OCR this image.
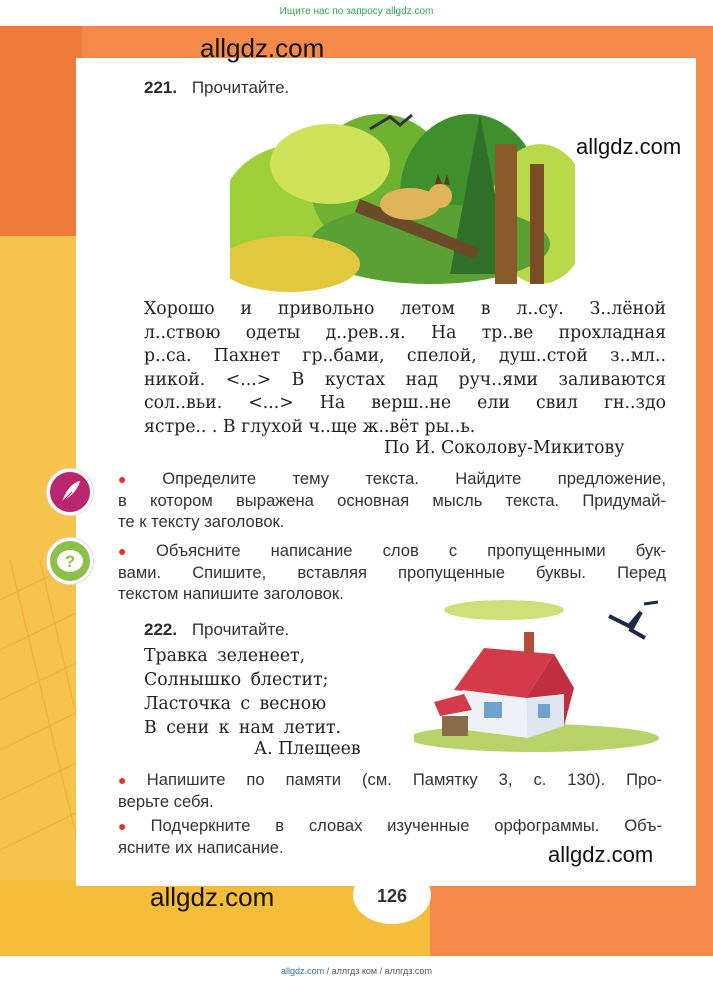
Ищите нас по запросу allgdz.com
221. Прочитайте.
Хорошо и привольно летом в л..су. З..лёной
л..ствою одеты д..рев..я. На тр..ве прохладная
р..са. Пахнет гр..бами, спелой, душ..стой з..мл..
никой. <...> В кустах над руч..ями заливаются
сол..вьи. <...> На верш..не ели свил гн..здо
ястре.. . В глухой ч..ще ж..вёт ры..ь.
По И. Соколову-Микитову
?
● Определите тему текста. Найдите предложение,
в котором выражена основная мысль текста. Придумай-
те к тексту заголовок.
● Объясните написание слов с пропущенными бук-
вами. Спишите, вставляя пропущенные буквы. Перед
текстом напишите заголовок.
222. Прочитайте.
Травка зеленеет,
Солнышко блестит;
Ласточка с весною
В сени к нам летит.
А. Плещеев
● Напишите по памяти (см. Памятку 3, с. 130). Про-
верьте себя.
● Подчеркните в словах изученные орфограммы. Объ-
ясните их написание.
126
allgdz.com
allgdz.com
allgdz.com
allgdz.com
allgdz.com / аллгдз ком / аллгдз.com
